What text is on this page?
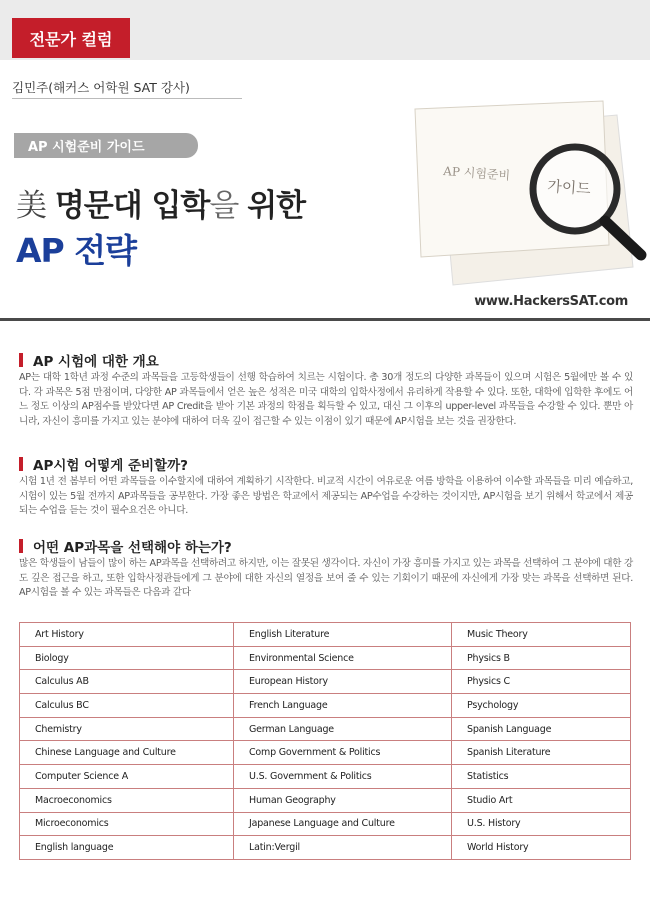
전문가 컬럼
김민주(해커스 어학원 SAT 강사)
AP 시험준비 가이드
美 명문대 입학을 위한
AP 전략
AP 시험준비
가이드
www.HackersSAT.com
AP 시험에 대한 개요
AP는 대학 1학년 과정 수준의 과목들을 고등학생들이 선행 학습하여 치르는 시험이다. 총 30개 정도의 다양한 과목들이 있으며 시험은 5월에만 볼 수 있다. 각 과목은 5점 만점이며, 다양한 AP 과목들에서 얻은 높은 성적은 미국 대학의 입학사정에서 유리하게 작용할 수 있다. 또한, 대학에 입학한 후에도 어느 정도 이상의 AP점수를 받았다면 AP Credit을 받아 기본 과정의 학점을 획득할 수 있고, 대신 그 이후의 upper-level 과목들을 수강할 수 있다. 뿐만 아니라, 자신이 흥미를 가지고 있는 분야에 대하여 더욱 깊이 접근할 수 있는 이점이 있기 때문에 AP시험을 보는 것을 권장한다.
AP시험 어떻게 준비할까?
시험 1년 전 봄부터 어떤 과목들을 이수할지에 대하여 계획하기 시작한다. 비교적 시간이 여유로운 여름 방학을 이용하여 이수할 과목들을 미리 예습하고, 시험이 있는 5월 전까지 AP과목들을 공부한다. 가장 좋은 방법은 학교에서 제공되는 AP수업을 수강하는 것이지만, AP시험을 보기 위해서 학교에서 제공되는 수업을 듣는 것이 필수요건은 아니다.
어떤 AP과목을 선택해야 하는가?
많은 학생들이 남들이 많이 하는 AP과목을 선택하려고 하지만, 이는 잘못된 생각이다. 자신이 가장 흥미를 가지고 있는 과목을 선택하여 그 분야에 대한 강도 깊은 접근을 하고, 또한 입학사정관들에게 그 분야에 대한 자신의 열정을 보여 줄 수 있는 기회이기 때문에 자신에게 가장 맞는 과목을 선택하면 된다. AP시험을 볼 수 있는 과목들은 다음과 같다
Art History	English Literature	Music Theory
Biology	Environmental Science	Physics B
Calculus AB	European History	Physics C
Calculus BC	French Language	Psychology
Chemistry	German Language	Spanish Language
Chinese Language and Culture	Comp Government & Politics	Spanish Literature
Computer Science A	U.S. Government & Politics	Statistics
Macroeconomics	Human Geography	Studio Art
Microeconomics	Japanese Language and Culture	U.S. History
English language	Latin:Vergil	World History
